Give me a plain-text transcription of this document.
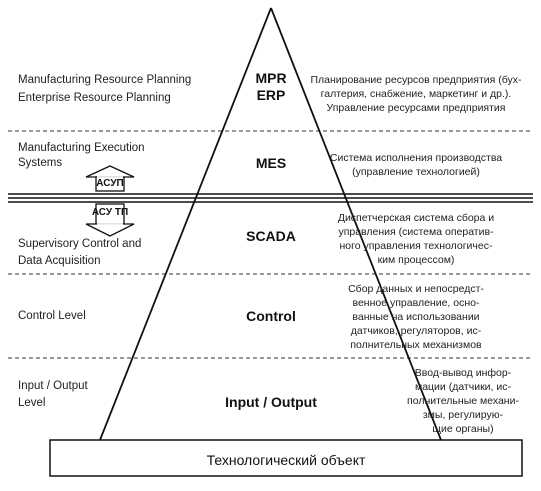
Manufacturing Resource Planning
Enterprise Resource Planning
Manufacturing Execution
Systems
Supervisory Control and
Data Acquisition
Control Level
Input / Output
Level
MPR
ERP
MES
SCADA
Control
Input / Output
Планирование ресурсов предприятия (бух-
галтерия, снабжение, маркетинг и др.).
Управление ресурсами предприятия
Система исполнения производства
(управление технологией)
Диспетчерская система сбора и
управления (система оператив-
ного управления технологичес-
ким процессом)
Сбор данных и непосредст-
венное управление, осно-
ванные на использовании
датчиков, регуляторов, ис-
полнительных механизмов
Ввод-вывод инфор-
мации (датчики, ис-
полнительные механи-
змы, регулирую-
щие органы)
АСУП
АСУ ТП
Технологический объект
